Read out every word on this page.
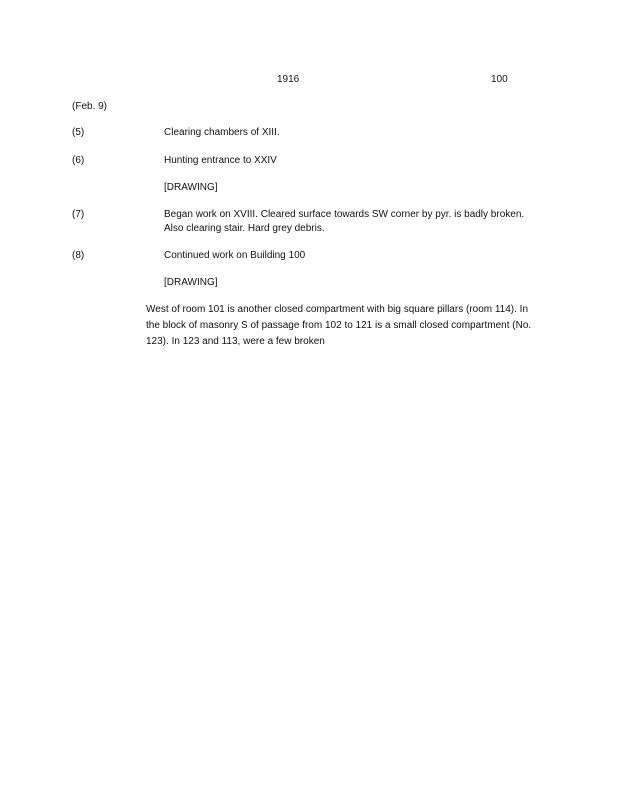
1916	100
(Feb. 9)
(5)	Clearing chambers of XIII.
(6)	Hunting entrance to XXIV
[DRAWING]
(7)	Began work on XVIII. Cleared surface towards SW corner by pyr. is badly broken.
Also clearing stair. Hard grey debris.
(8)	Continued work on Building 100
[DRAWING]
West of room 101 is another closed compartment with big square pillars (room 114). In
the block of masonry S of passage from 102 to 121 is a small closed compartment (No.
123). In 123 and 113, were a few broken
